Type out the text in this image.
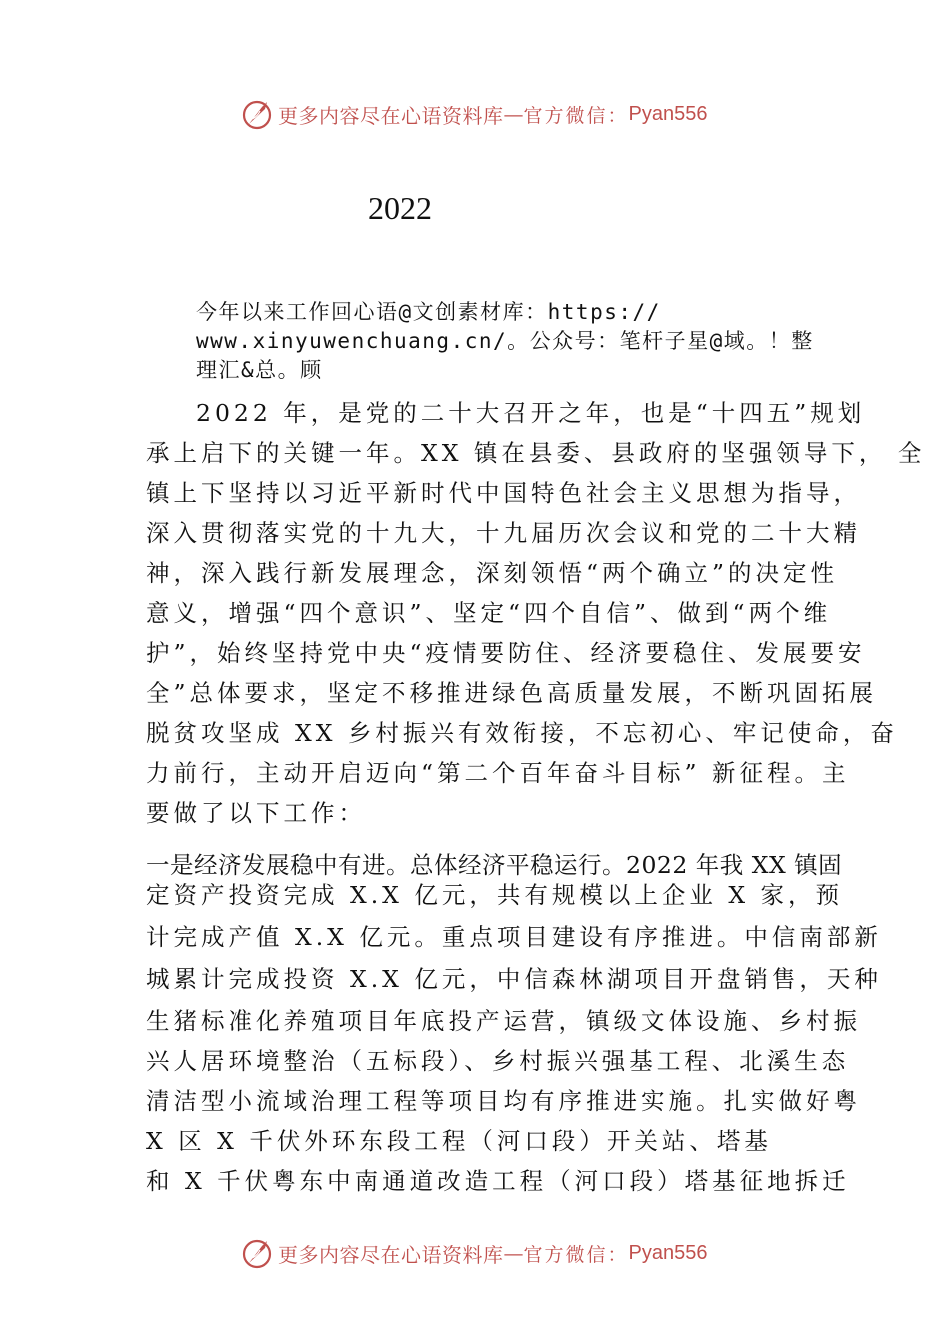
更多内容尽在心语资料库 — 官方微信： Pyan556
2022
今年以来工作回心语@文创素材库：https://
www.xinyuwenchuang.cn/。公众号：笔杆子星@域。！整
理汇&总。顾
2022 年，是党的二十大召开之年，也是“十四五”规划
承上启下的关键一年。XX 镇在县委、县政府的坚强领导下， 全
镇上下坚持以习近平新时代中国特色社会主义思想为指导，
深入贯彻落实党的十九大，十九届历次会议和党的二十大精
神，深入践行新发展理念，深刻领悟“两个确立”的决定性
意义，增强“四个意识”、坚定“四个自信”、做到“两个维
护”，始终坚持党中央“疫情要防住、经济要稳住、发展要安
全”总体要求，坚定不移推进绿色高质量发展，不断巩固拓展
脱贫攻坚成 XX 乡村振兴有效衔接，不忘初心、牢记使命，奋
力前行，主动开启迈向“第二个百年奋斗目标” 新征程。主
要做了以下工作：
一是经济发展稳中有进。总体经济平稳运行。2022 年我 XX 镇固
定资产投资完成 X.X 亿元，共有规模以上企业 X 家，预
计完成产值 X.X 亿元。重点项目建设有序推进。中信南部新
城累计完成投资 X.X 亿元，中信森林湖项目开盘销售，天种
生猪标准化养殖项目年底投产运营，镇级文体设施、乡村振
兴人居环境整治（五标段）、乡村振兴强基工程、北溪生态
清洁型小流域治理工程等项目均有序推进实施。扎实做好粤
X 区 X 千伏外环东段工程（河口段）开关站、塔基
和 X 千伏粤东中南通道改造工程（河口段）塔基征地拆迁
更多内容尽在心语资料库 — 官方微信： Pyan556
